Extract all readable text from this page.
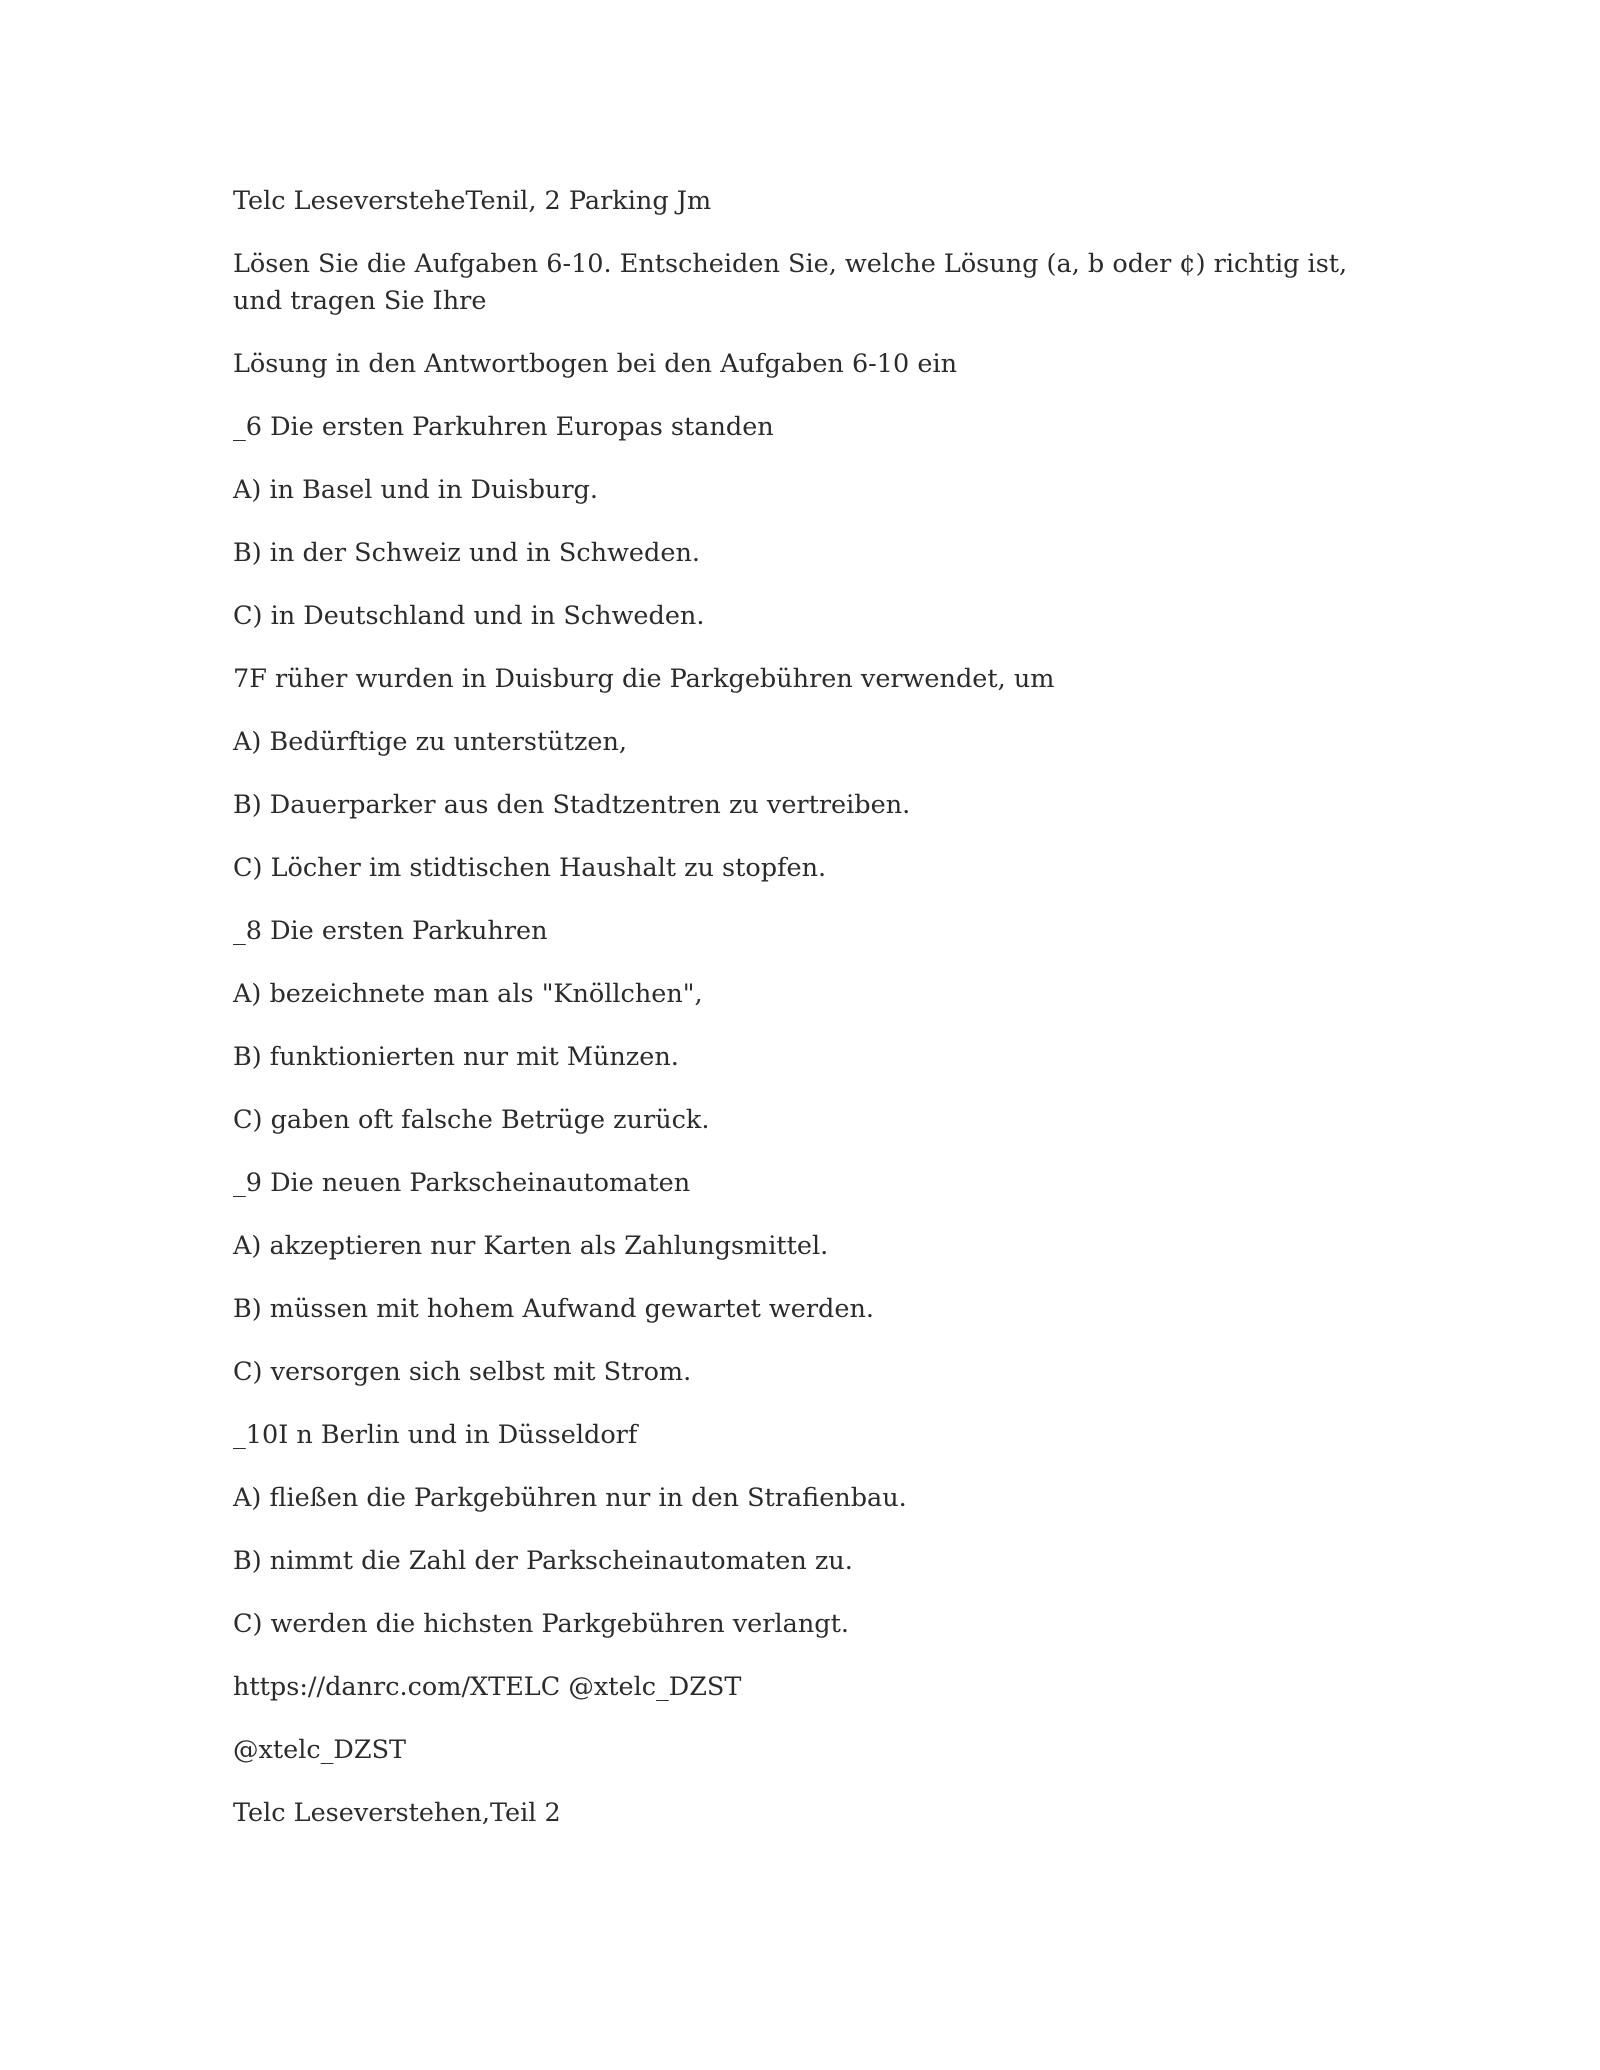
Telc LeseversteheTenil, 2 Parking Jm

Lösen Sie die Aufgaben 6-10. Entscheiden Sie, welche Lösung (a, b oder ¢) richtig ist, und tragen Sie Ihre

Lösung in den Antwortbogen bei den Aufgaben 6-10 ein

_6 Die ersten Parkuhren Europas standen

A) in Basel und in Duisburg.

B) in der Schweiz und in Schweden.

C) in Deutschland und in Schweden.

7F rüher wurden in Duisburg die Parkgebühren verwendet, um

A) Bedürftige zu unterstützen,

B) Dauerparker aus den Stadtzentren zu vertreiben.

C) Löcher im stidtischen Haushalt zu stopfen.

_8 Die ersten Parkuhren

A) bezeichnete man als "Knöllchen",

B) funktionierten nur mit Münzen.

C) gaben oft falsche Betrüge zurück.

_9 Die neuen Parkscheinautomaten

A) akzeptieren nur Karten als Zahlungsmittel.

B) müssen mit hohem Aufwand gewartet werden.

C) versorgen sich selbst mit Strom.

_10I n Berlin und in Düsseldorf

A) fließen die Parkgebühren nur in den Strafienbau.

B) nimmt die Zahl der Parkscheinautomaten zu.

C) werden die hichsten Parkgebühren verlangt.

https://danrc.com/XTELC @xtelc_DZST

@xtelc_DZST

Telc Leseverstehen,Teil 2
